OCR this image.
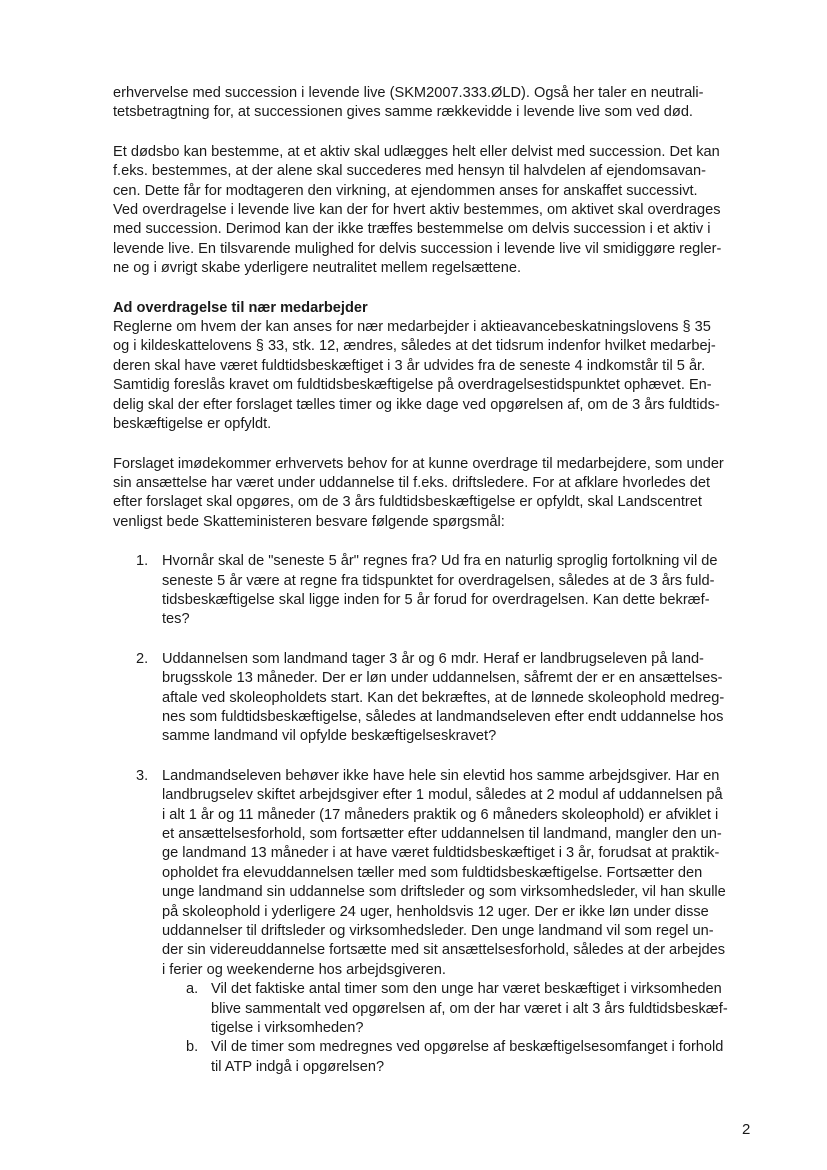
erhvervelse med succession i levende live (SKM2007.333.ØLD). Også her taler en neutrali-
tetsbetragtning for, at successionen gives samme rækkevidde i levende live som ved død.

Et dødsbo kan bestemme, at et aktiv skal udlægges helt eller delvist med succession. Det kan
f.eks. bestemmes, at der alene skal succederes med hensyn til halvdelen af ejendomsavan-
cen. Dette får for modtageren den virkning, at ejendommen anses for anskaffet successivt.
Ved overdragelse i levende live kan der for hvert aktiv bestemmes, om aktivet skal overdrages
med succession. Derimod kan der ikke træffes bestemmelse om delvis succession i et aktiv i
levende live. En tilsvarende mulighed for delvis succession i levende live vil smidiggøre regler-
ne og i øvrigt skabe yderligere neutralitet mellem regelsættene.

Ad overdragelse til nær medarbejder

Reglerne om hvem der kan anses for nær medarbejder i aktieavancebeskatningslovens § 35
og i kildeskattelovens § 33, stk. 12, ændres, således at det tidsrum indenfor hvilket medarbej-
deren skal have været fuldtidsbeskæftiget i 3 år udvides fra de seneste 4 indkomstår til 5 år.
Samtidig foreslås kravet om fuldtidsbeskæftigelse på overdragelsestidspunktet ophævet. En-
delig skal der efter forslaget tælles timer og ikke dage ved opgørelsen af, om de 3 års fuldtids-
beskæftigelse er opfyldt.

Forslaget imødekommer erhvervets behov for at kunne overdrage til medarbejdere, som under
sin ansættelse har været under uddannelse til f.eks. driftsledere. For at afklare hvorledes det
efter forslaget skal opgøres, om de 3 års fuldtidsbeskæftigelse er opfyldt, skal Landscentret
venligst bede Skatteministeren besvare følgende spørgsmål:

1. Hvornår skal de "seneste 5 år" regnes fra? Ud fra en naturlig sproglig fortolkning vil de
seneste 5 år være at regne fra tidspunktet for overdragelsen, således at de 3 års fuld-
tidsbeskæftigelse skal ligge inden for 5 år forud for overdragelsen. Kan dette bekræf-
tes?
2. Uddannelsen som landmand tager 3 år og 6 mdr. Heraf er landbrugseleven på land-
brugsskole 13 måneder. Der er løn under uddannelsen, såfremt der er en ansættelses-
aftale ved skoleopholdets start. Kan det bekræftes, at de lønnede skoleophold medreg-
nes som fuldtidsbeskæftigelse, således at landmandseleven efter endt uddannelse hos
samme landmand vil opfylde beskæftigelseskravet?
3. Landmandseleven behøver ikke have hele sin elevtid hos samme arbejdsgiver. Har en
landbrugselev skiftet arbejdsgiver efter 1 modul, således at 2 modul af uddannelsen på
i alt 1 år og 11 måneder (17 måneders praktik og 6 måneders skoleophold) er afviklet i
et ansættelsesforhold, som fortsætter efter uddannelsen til landmand, mangler den un-
ge landmand 13 måneder i at have været fuldtidsbeskæftiget i 3 år, forudsat at praktik-
opholdet fra elevuddannelsen tæller med som fuldtidsbeskæftigelse. Fortsætter den
unge landmand sin uddannelse som driftsleder og som virksomhedsleder, vil han skulle
på skoleophold i yderligere 24 uger, henholdsvis 12 uger. Der er ikke løn under disse
uddannelser til driftsleder og virksomhedsleder. Den unge landmand vil som regel un-
der sin videreuddannelse fortsætte med sit ansættelsesforhold, således at der arbejdes
i ferier og weekenderne hos arbejdsgiveren.
a. Vil det faktiske antal timer som den unge har været beskæftiget i virksomheden
blive sammentalt ved opgørelsen af, om der har været i alt 3 års fuldtidsbeskæf-
tigelse i virksomheden?
b. Vil de timer som medregnes ved opgørelse af beskæftigelsesomfanget i forhold
til ATP indgå i opgørelsen?
2
